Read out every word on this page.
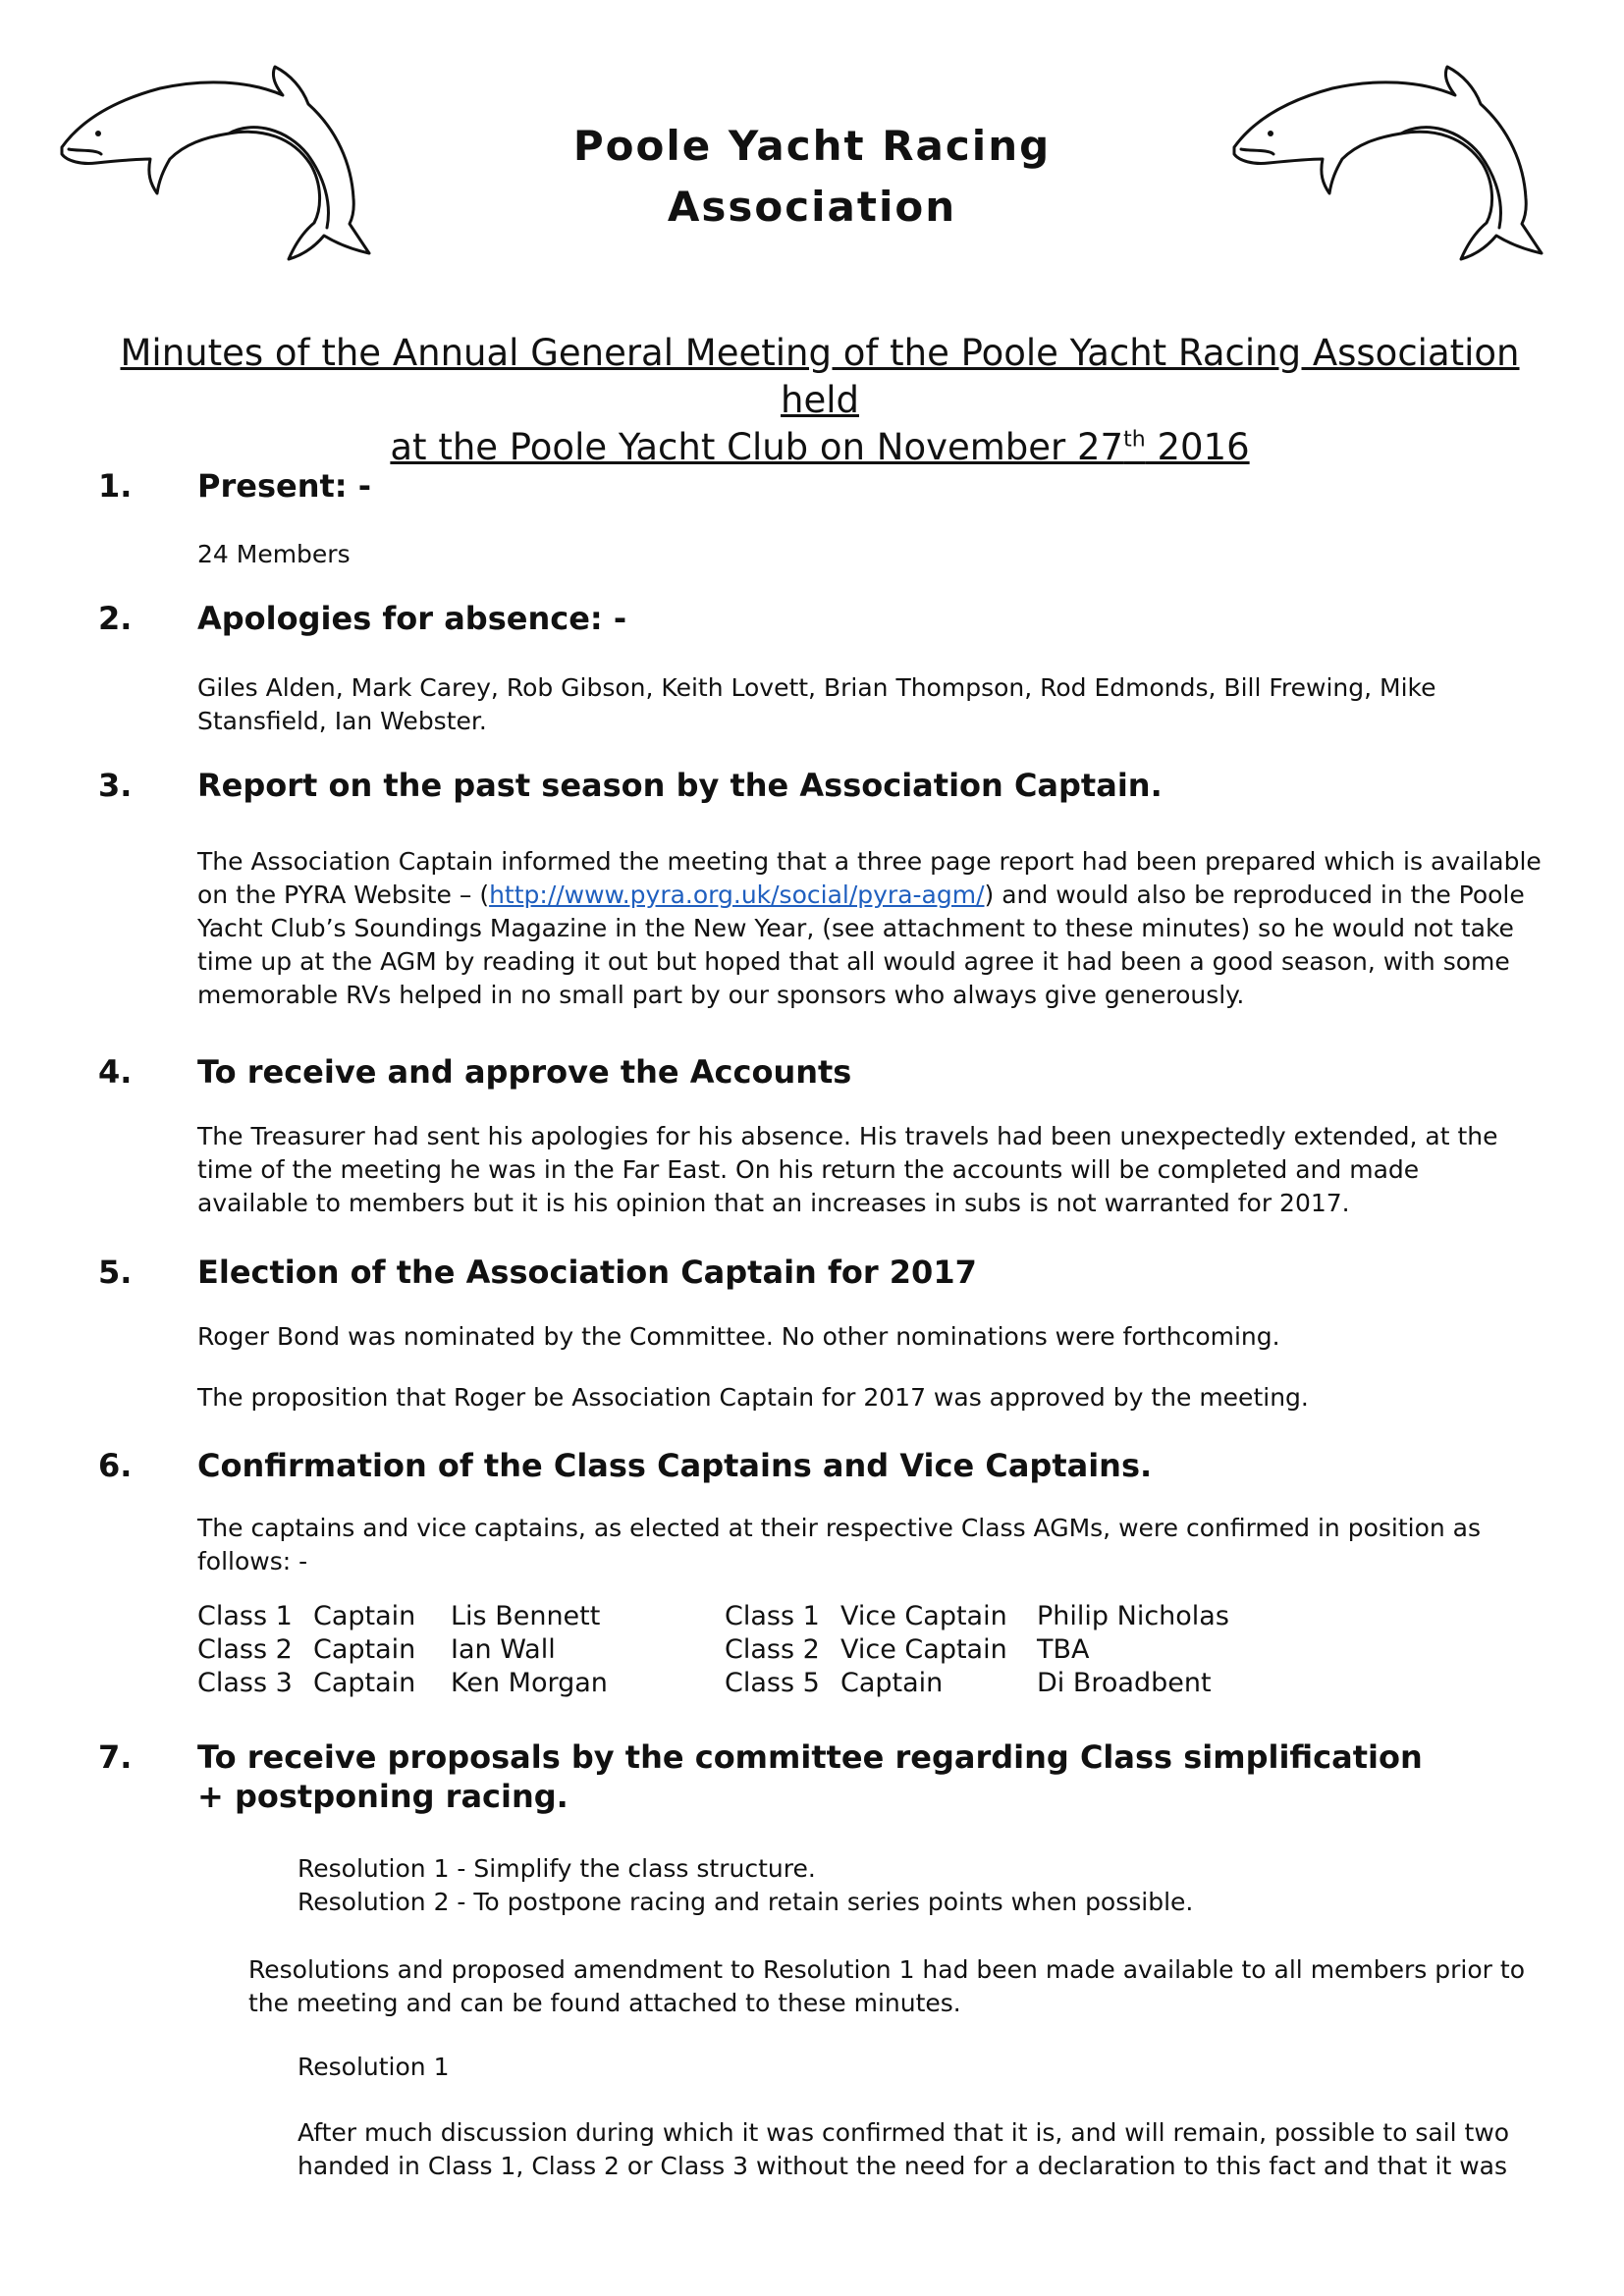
Poole Yacht Racing
Association
Minutes of the Annual General Meeting of the Poole Yacht Racing Association held
at the Poole Yacht Club on November 27th 2016
1. Present: -
24 Members
2. Apologies for absence: -
Giles Alden, Mark Carey, Rob Gibson, Keith Lovett, Brian Thompson, Rod Edmonds, Bill Frewing, Mike Stansfield, Ian Webster.
3. Report on the past season by the Association Captain.
The Association Captain informed the meeting that a three page report had been prepared which is available on the PYRA Website – (http://www.pyra.org.uk/social/pyra-agm/) and would also be reproduced in the Poole Yacht Club’s Soundings Magazine in the New Year, (see attachment to these minutes) so he would not take time up at the AGM by reading it out but hoped that all would agree it had been a good season, with some memorable RVs helped in no small part by our sponsors who always give generously.
4. To receive and approve the Accounts
The Treasurer had sent his apologies for his absence. His travels had been unexpectedly extended, at the time of the meeting he was in the Far East. On his return the accounts will be completed and made available to members but it is his opinion that an increases in subs is not warranted for 2017.
5. Election of the Association Captain for 2017
Roger Bond was nominated by the Committee. No other nominations were forthcoming.
The proposition that Roger be Association Captain for 2017 was approved by the meeting.
6. Confirmation of the Class Captains and Vice Captains.
The captains and vice captains, as elected at their respective Class AGMs, were confirmed in position as follows: -
Class 1 Captain Lis Bennett	Class 1 Vice Captain Philip Nicholas
Class 2 Captain Ian Wall	Class 2 Vice Captain TBA
Class 3 Captain Ken Morgan	Class 5 Captain	Di Broadbent
7. To receive proposals by the committee regarding Class simplification + postponing racing.
Resolution 1 - Simplify the class structure.
Resolution 2 - To postpone racing and retain series points when possible.
Resolutions and proposed amendment to Resolution 1 had been made available to all members prior to the meeting and can be found attached to these minutes.
Resolution 1
After much discussion during which it was confirmed that it is, and will remain, possible to sail two handed in Class 1, Class 2 or Class 3 without the need for a declaration to this fact and that it was
